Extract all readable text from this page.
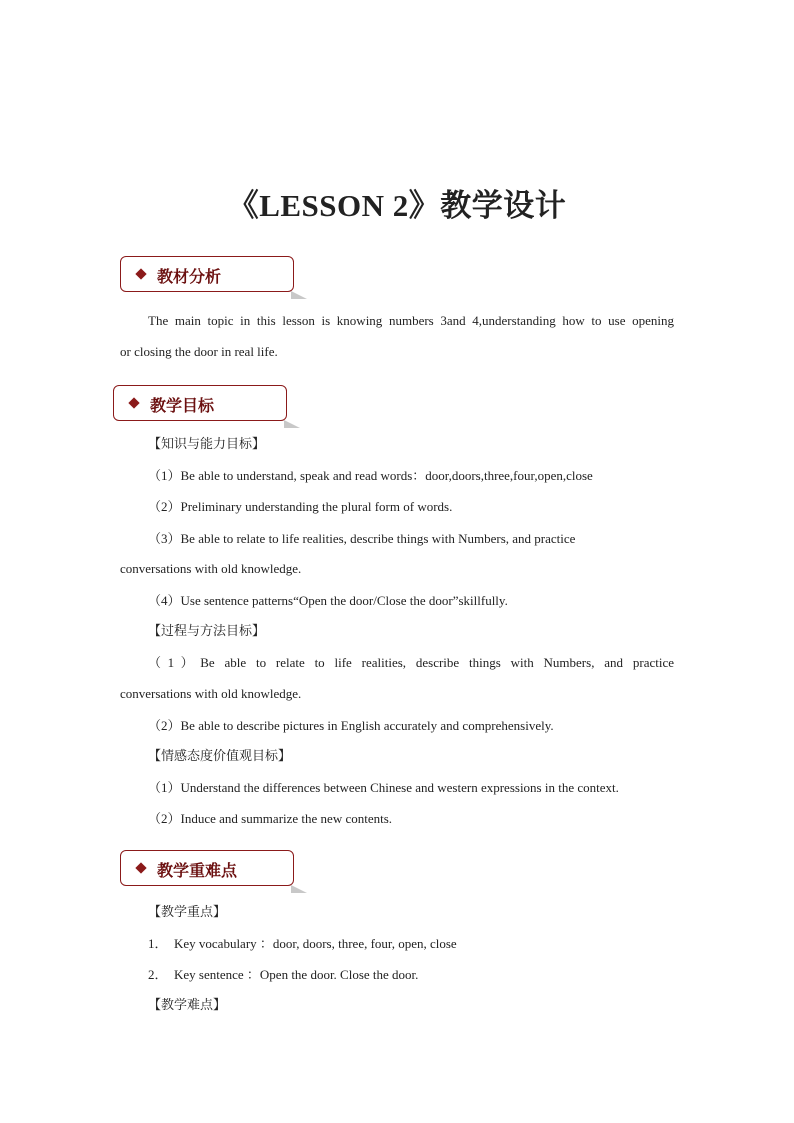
《LESSON 2》教学设计
教材分析
The main topic in this lesson is knowing numbers 3and 4,understanding how to use opening
or closing the door in real life.
教学目标
【知识与能力目标】
（1）Be able to understand, speak and read words：door,doors,three,four,open,close
（2）Preliminary understanding the plural form of words.
（3）Be able to relate to life realities, describe things with Numbers, and practice
conversations with old knowledge.
（4）Use sentence patterns“Open the door/Close the door”skillfully.
【过程与方法目标】
（1）Be able to relate to life realities, describe things with Numbers, and practice
conversations with old knowledge.
（2）Be able to describe pictures in English accurately and comprehensively.
【情感态度价值观目标】
（1）Understand the differences between Chinese and western expressions in the context.
（2）Induce and summarize the new contents.
教学重难点
【教学重点】
1． Key vocabulary ：door, doors, three, four, open, close
2． Key sentence ：Open the door. Close the door.
【教学难点】
